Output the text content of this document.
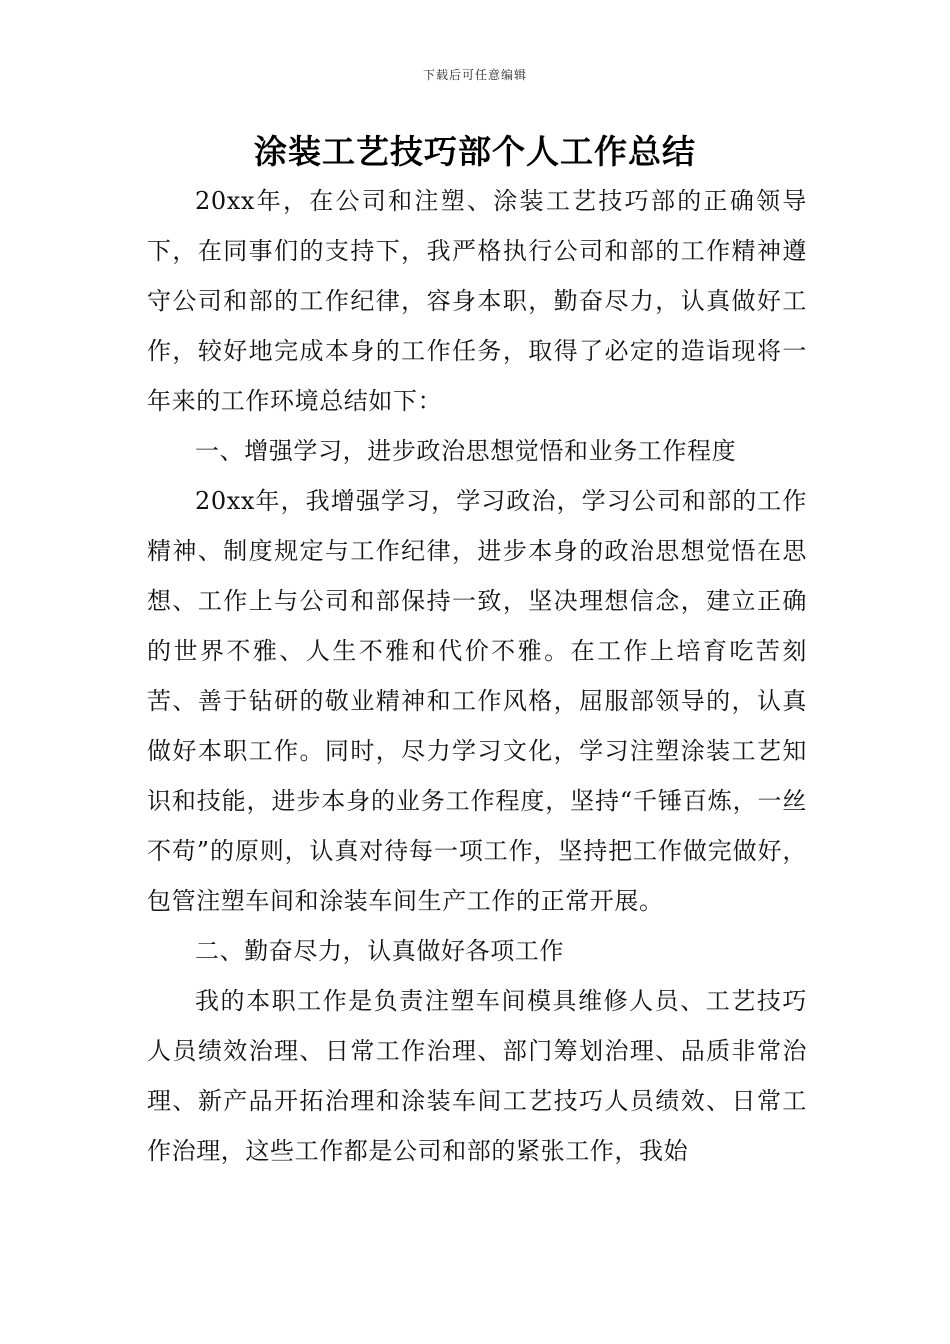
下载后可任意编辑
涂装工艺技巧部个人工作总结

20xx年，在公司和注塑、涂装工艺技巧部的正确领导下，在同事们的支持下，我严格执行公司和部的工作精神遵守公司和部的工作纪律，容身本职，勤奋尽力，认真做好工作，较好地完成本身的工作任务，取得了必定的造诣现将一年来的工作环境总结如下：

一、增强学习，进步政治思想觉悟和业务工作程度

20xx年，我增强学习，学习政治，学习公司和部的工作精神、制度规定与工作纪律，进步本身的政治思想觉悟在思想、工作上与公司和部保持一致，坚决理想信念，建立正确的世界不雅、人生不雅和代价不雅。在工作上培育吃苦刻苦、善于钻研的敬业精神和工作风格，屈服部领导的，认真做好本职工作。同时，尽力学习文化，学习注塑涂装工艺知识和技能，进步本身的业务工作程度，坚持“千锤百炼，一丝不苟”的原则，认真对待每一项工作，坚持把工作做完做好，包管注塑车间和涂装车间生产工作的正常开展。

二、勤奋尽力，认真做好各项工作

我的本职工作是负责注塑车间模具维修人员、工艺技巧人员绩效治理、日常工作治理、部门筹划治理、品质非常治理、新产品开拓治理和涂装车间工艺技巧人员绩效、日常工作治理，这些工作都是公司和部的紧张工作，我始
